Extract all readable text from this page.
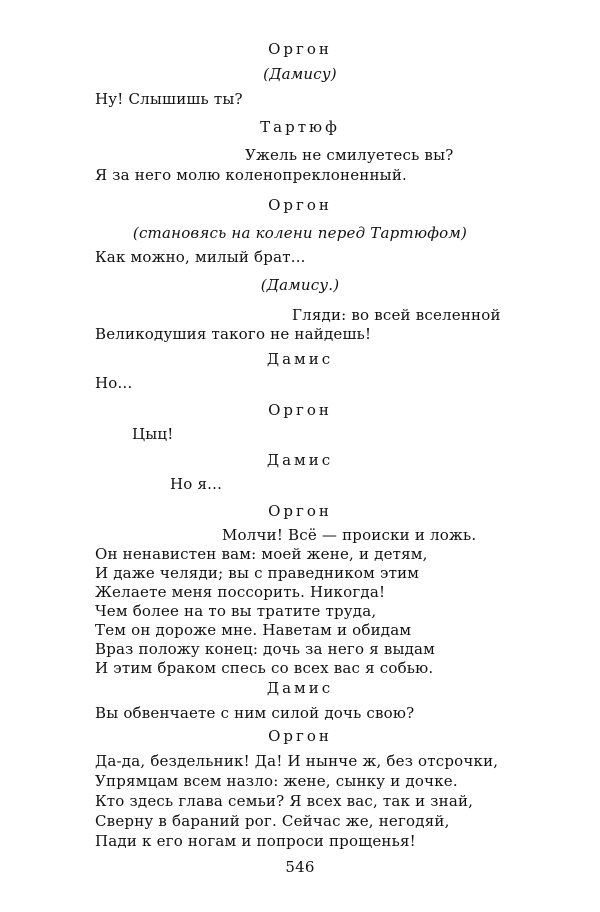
Оргон
(Дамису)
Ну! Слышишь ты?
Тартюф
Ужель не смилуетесь вы?
Я за него молю коленопреклоненный.
Оргон
(становясь на колени перед Тартюфом)
Как можно, милый брат...
(Дамису.)
Гляди: во всей вселенной
Великодушия такого не найдешь!
Дамис
Но...
Оргон
Цыц!
Дамис
Но я...
Оргон
Молчи! Всё — происки и ложь.
Он ненавистен вам: моей жене, и детям,
И даже челяди; вы с праведником этим
Желаете меня поссорить. Никогда!
Чем более на то вы тратите труда,
Тем он дороже мне. Наветам и обидам
Враз положу конец: дочь за него я выдам
И этим браком спесь со всех вас я собью.
Дамис
Вы обвенчаете с ним силой дочь свою?
Оргон
Да-да, бездельник! Да! И нынче ж, без отсрочки,
Упрямцам всем назло: жене, сынку и дочке.
Кто здесь глава семьи? Я всех вас, так и знай,
Сверну в бараний рог. Сейчас же, негодяй,
Пади к его ногам и попроси прощенья!
546
